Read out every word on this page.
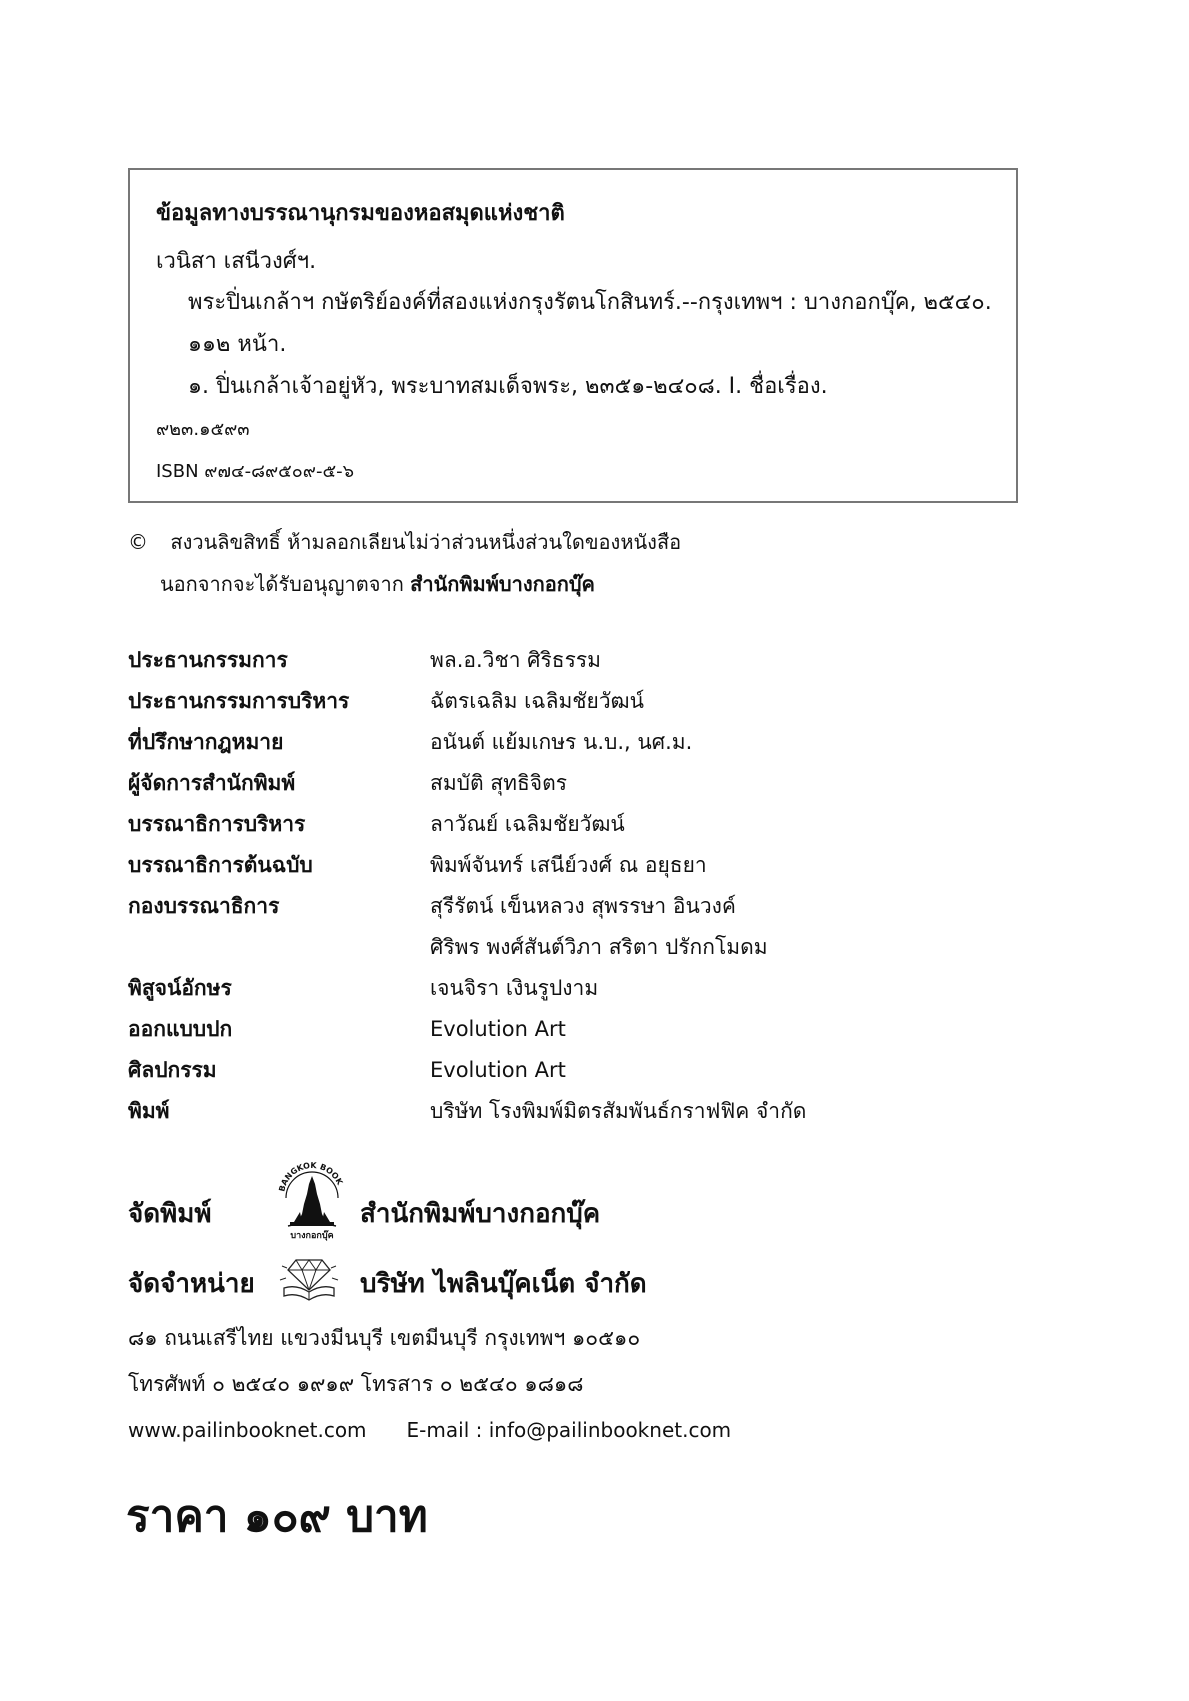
ข้อมูลทางบรรณานุกรมของหอสมุดแห่งชาติ
เวนิสา เสนีวงศ์ฯ.
พระปิ่นเกล้าฯ กษัตริย์องค์ที่สองแห่งกรุงรัตนโกสินทร์.--กรุงเทพฯ : บางกอกบุ๊ค, ๒๕๔๐.
๑๑๒ หน้า.
๑. ปิ่นเกล้าเจ้าอยู่หัว, พระบาทสมเด็จพระ, ๒๓๕๑-๒๔๐๘. I. ชื่อเรื่อง.
๙๒๓.๑๕๙๓
ISBN ๙๗๔-๘๙๕๐๙-๕-๖
© สงวนลิขสิทธิ์ ห้ามลอกเลียนไม่ว่าส่วนหนึ่งส่วนใดของหนังสือ
นอกจากจะได้รับอนุญาตจาก สำนักพิมพ์บางกอกบุ๊ค
ประธานกรรมการ	พล.อ.วิชา ศิริธรรม
ประธานกรรมการบริหาร	ฉัตรเฉลิม เฉลิมชัยวัฒน์
ที่ปรึกษากฎหมาย	อนันต์ แย้มเกษร น.บ., นศ.ม.
ผู้จัดการสำนักพิมพ์	สมบัติ สุทธิจิตร
บรรณาธิการบริหาร	ลาวัณย์ เฉลิมชัยวัฒน์
บรรณาธิการต้นฉบับ	พิมพ์จันทร์ เสนีย์วงศ์ ณ อยุธยา
กองบรรณาธิการ	สุรีรัตน์ เข็นหลวง สุพรรษา อินวงค์
ศิริพร พงศ์สันต์วิภา สริตา ปรักกโมดม
พิสูจน์อักษร	เจนจิรา เงินรูปงาม
ออกแบบปก	Evolution Art
ศิลปกรรม	Evolution Art
พิมพ์	บริษัท โรงพิมพ์มิตรสัมพันธ์กราฟฟิค จำกัด
จัดพิมพ์
BANGKOK BOOK
บางกอกบุ๊ค
สำนักพิมพ์บางกอกบุ๊ค
จัดจำหน่าย	บริษัท ไพลินบุ๊คเน็ต จำกัด
๘๑ ถนนเสรีไทย แขวงมีนบุรี เขตมีนบุรี กรุงเทพฯ ๑๐๕๑๐
โทรศัพท์ ๐ ๒๕๔๐ ๑๙๑๙ โทรสาร ๐ ๒๕๔๐ ๑๘๑๘
www.pailinbooknet.com E-mail : info@pailinbooknet.com
ราคา ๑๐๙ บาท
